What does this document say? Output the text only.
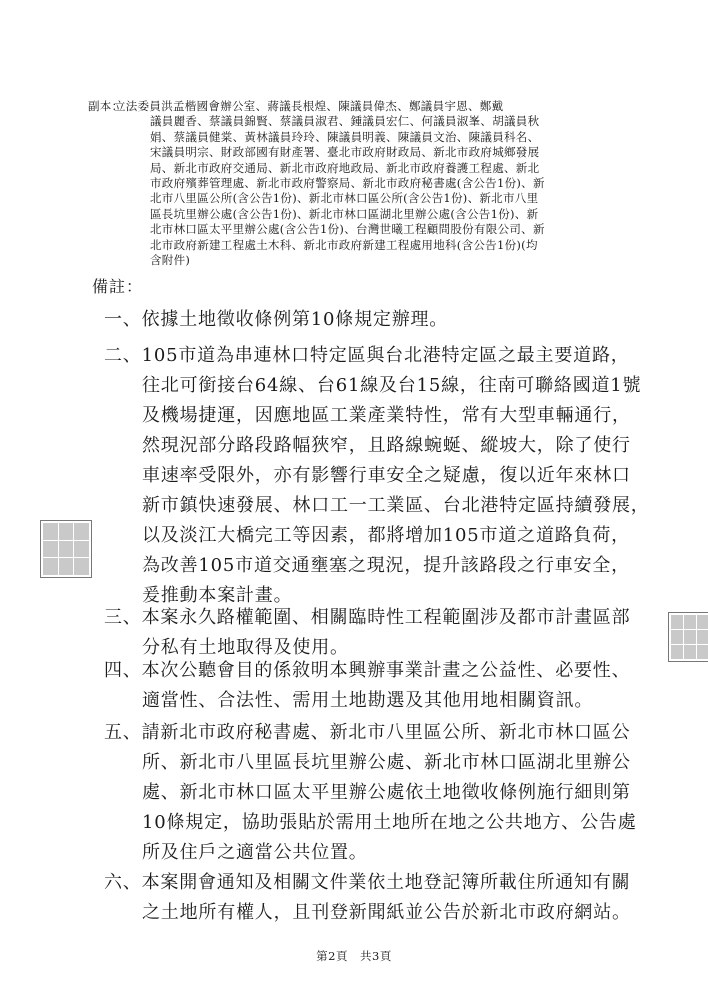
副本：
立法委員洪孟楷國會辦公室、蔣議長根煌、陳議員偉杰、鄭議員宇恩、鄭戴
議員麗香、蔡議員錦賢、蔡議員淑君、鍾議員宏仁、何議員淑峯、胡議員秋
娟、蔡議員健棠、黃林議員玲玲、陳議員明義、陳議員文治、陳議員科名、
宋議員明宗、財政部國有財產署、臺北市政府財政局、新北市政府城鄉發展
局、新北市政府交通局、新北市政府地政局、新北市政府養護工程處、新北
市政府殯葬管理處、新北市政府警察局、新北市政府秘書處(含公告1份)、新
北市八里區公所(含公告1份)、新北市林口區公所(含公告1份)、新北市八里
區長坑里辦公處(含公告1份)、新北市林口區湖北里辦公處(含公告1份)、新
北市林口區太平里辦公處(含公告1份)、台灣世曦工程顧問股份有限公司、新
北市政府新建工程處土木科、新北市政府新建工程處用地科(含公告1份)(均
含附件)
備註：
一、依據土地徵收條例第10條規定辦理。
二、105市道為串連林口特定區與台北港特定區之最主要道路，
往北可銜接台64線、台61線及台15線，往南可聯絡國道1號
及機場捷運，因應地區工業產業特性，常有大型車輛通行，
然現況部分路段路幅狹窄，且路線蜿蜒、縱坡大，除了使行
車速率受限外，亦有影響行車安全之疑慮，復以近年來林口
新市鎮快速發展、林口工一工業區、台北港特定區持續發展，
以及淡江大橋完工等因素，都將增加105市道之道路負荷，
為改善105市道交通壅塞之現況，提升該路段之行車安全，
爰推動本案計畫。
三、本案永久路權範圍、相關臨時性工程範圍涉及都市計畫區部
分私有土地取得及使用。
四、本次公聽會目的係敘明本興辦事業計畫之公益性、必要性、
適當性、合法性、需用土地勘選及其他用地相關資訊。
五、請新北市政府秘書處、新北市八里區公所、新北市林口區公
所、新北市八里區長坑里辦公處、新北市林口區湖北里辦公
處、新北市林口區太平里辦公處依土地徵收條例施行細則第
10條規定，協助張貼於需用土地所在地之公共地方、公告處
所及住戶之適當公共位置。
六、本案開會通知及相關文件業依土地登記簿所載住所通知有關
之土地所有權人，且刊登新聞紙並公告於新北市政府網站。
第2頁 共3頁
